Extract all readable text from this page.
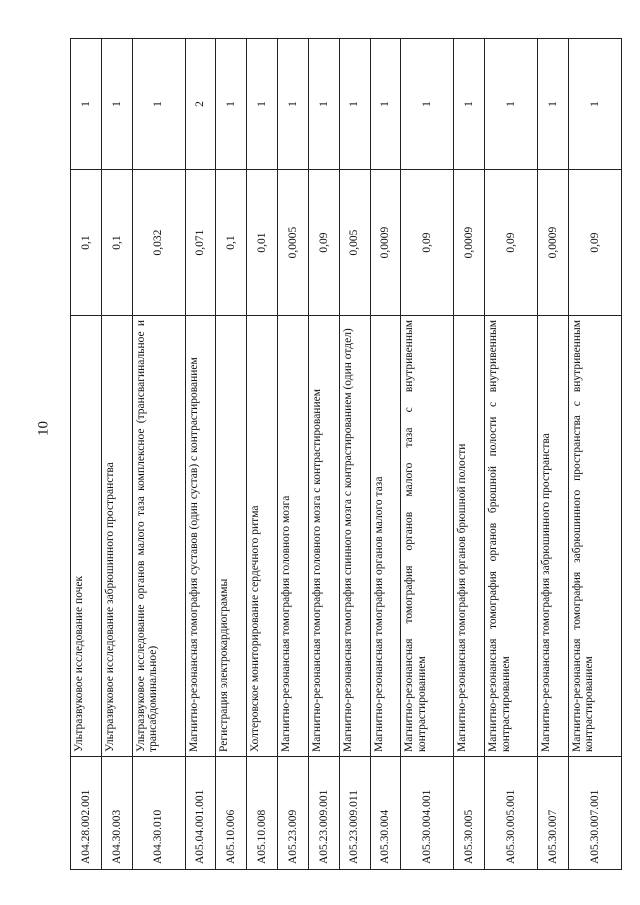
10
A04.28.002.001	Ультразвуковое исследование почек	0,1	1
A04.30.003	Ультразвуковое исследование забрюшинного пространства	0,1	1
A04.30.010	Ультразвуковое исследование органов малого таза комплексное (трансвагинальное и трансабдоминальное)	0,032	1
A05.04.001.001	Магнитно-резонансная томография суставов (один сустав) с контрастированием	0,071	2
A05.10.006	Регистрация электрокардиограммы	0,1	1
A05.10.008	Холтеровское мониторирование сердечного ритма	0,01	1
A05.23.009	Магнитно-резонансная томография головного мозга	0,0005	1
A05.23.009.001	Магнитно-резонансная томография головного мозга с контрастированием	0,09	1
A05.23.009.011	Магнитно-резонансная томография спинного мозга с контрастированием (один отдел)	0,005	1
A05.30.004	Магнитно-резонансная томография органов малого таза	0,0009	1
A05.30.004.001	Магнитно-резонансная томография органов малого таза с внутривенным контрастированием	0,09	1
A05.30.005	Магнитно-резонансная томография органов брюшной полости	0,0009	1
A05.30.005.001	Магнитно-резонансная томография органов брюшной полости с внутривенным контрастированием	0,09	1
A05.30.007	Магнитно-резонансная томография забрюшинного пространства	0,0009	1
A05.30.007.001	Магнитно-резонансная томография забрюшинного пространства с внутривенным контрастированием	0,09	1
